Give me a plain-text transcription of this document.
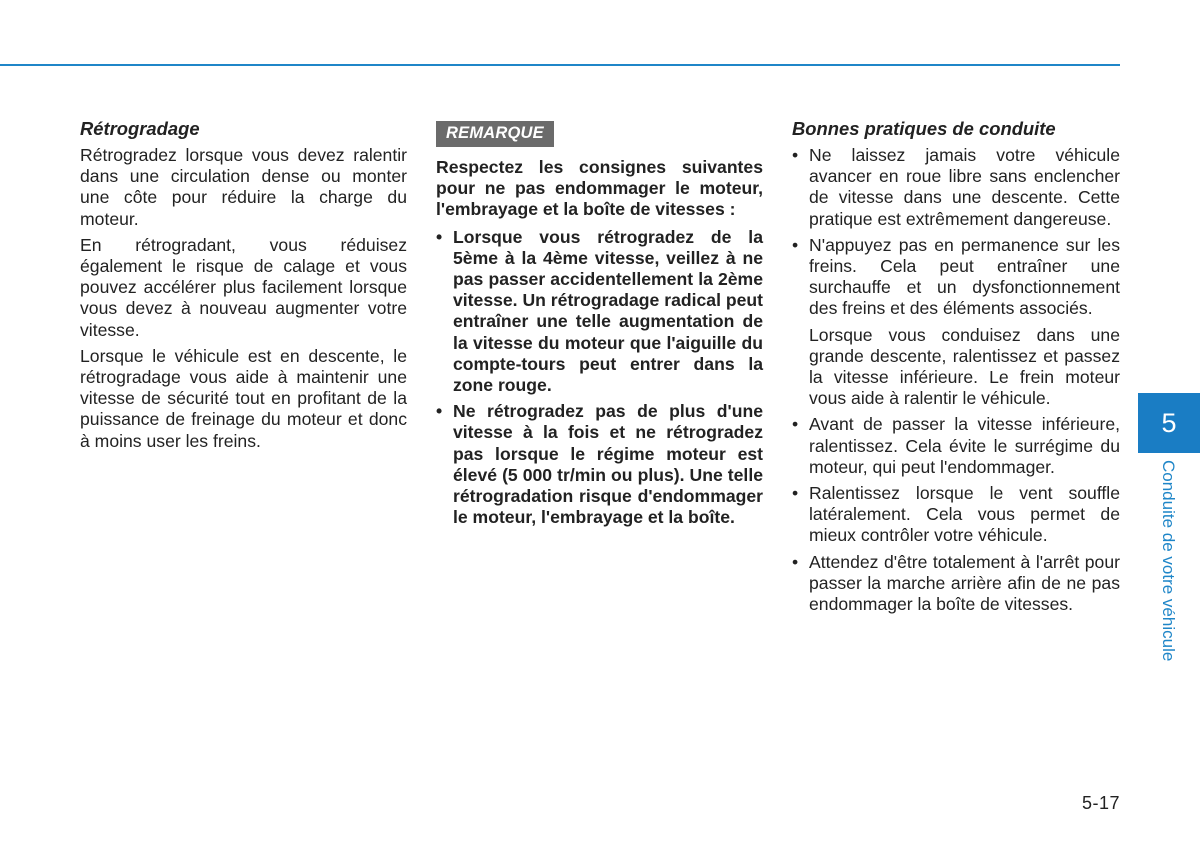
Rétrogradage

Rétrogradez lorsque vous devez ralentir dans une circulation dense ou monter une côte pour réduire la charge du moteur.

En rétrogradant, vous réduisez également le risque de calage et vous pouvez accélérer plus facilement lorsque vous devez à nouveau augmenter votre vitesse.

Lorsque le véhicule est en descente, le rétrogradage vous aide à maintenir une vitesse de sécurité tout en profitant de la puissance de freinage du moteur et donc à moins user les freins.

REMARQUE

Respectez les consignes suivantes pour ne pas endommager le moteur, l'embrayage et la boîte de vitesses :

• Lorsque vous rétrogradez de la 5ème à la 4ème vitesse, veillez à ne pas passer accidentellement la 2ème vitesse. Un rétrogradage radical peut entraîner une telle augmentation de la vitesse du moteur que l'aiguille du compte-tours peut entrer dans la zone rouge.
• Ne rétrogradez pas de plus d'une vitesse à la fois et ne rétrogradez pas lorsque le régime moteur est élevé (5 000 tr/min ou plus). Une telle rétrogradation risque d'endommager le moteur, l'embrayage et la boîte.
Bonnes pratiques de conduite
• Ne laissez jamais votre véhicule avancer en roue libre sans enclencher de vitesse dans une descente. Cette pratique est extrêmement dangereuse.
• N'appuyez pas en permanence sur les freins. Cela peut entraîner une surchauffe et un dysfonctionnement des freins et des éléments associés.

Lorsque vous conduisez dans une grande descente, ralentissez et passez la vitesse inférieure. Le frein moteur vous aide à ralentir le véhicule.

• Avant de passer la vitesse inférieure, ralentissez. Cela évite le surrégime du moteur, qui peut l'endommager.
• Ralentissez lorsque le vent souffle latéralement. Cela vous permet de mieux contrôler votre véhicule.
• Attendez d'être totalement à l'arrêt pour passer la marche arrière afin de ne pas endommager la boîte de vitesses.
5
Conduite de votre véhicule
5-17
